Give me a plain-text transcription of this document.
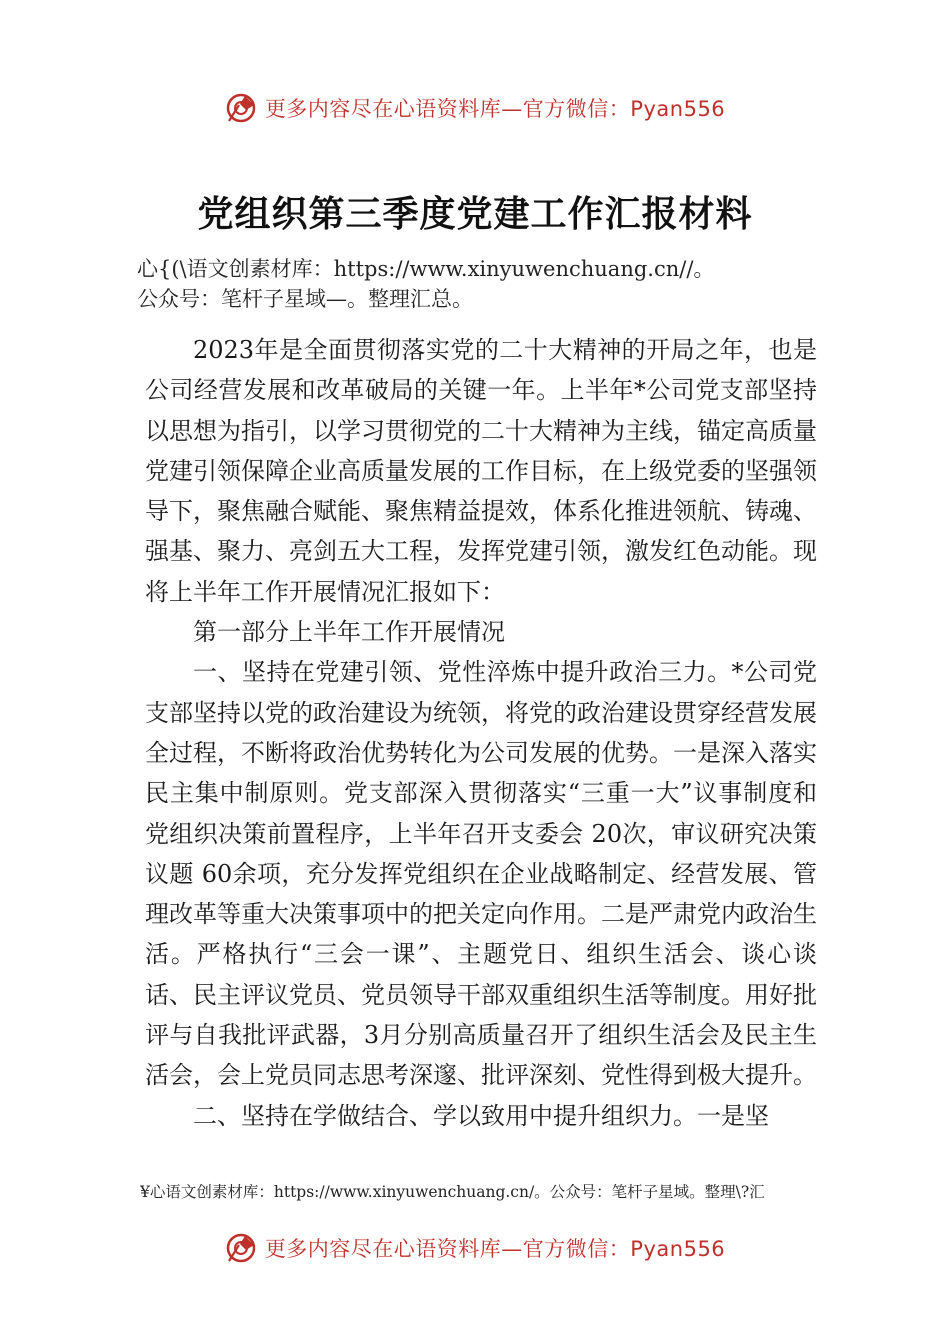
更多内容尽在心语资料库—官方微信：Pyan556
党组织第三季度党建工作汇报材料
心{(\语文创素材库：https://www.xinyuwenchuang.cn//。
公众号：笔杆子星域—。整理汇总。

2023年是全面贯彻落实党的二十大精神的开局之年，也是公司经营发展和改革破局的关键一年。上半年*公司党支部坚持以思想为指引，以学习贯彻党的二十大精神为主线，锚定高质量党建引领保障企业高质量发展的工作目标，在上级党委的坚强领导下，聚焦融合赋能、聚焦精益提效，体系化推进领航、铸魂、强基、聚力、亮剑五大工程，发挥党建引领，激发红色动能。现将上半年工作开展情况汇报如下：

第一部分上半年工作开展情况

一、坚持在党建引领、党性淬炼中提升政治三力。*公司党支部坚持以党的政治建设为统领，将党的政治建设贯穿经营发展全过程，不断将政治优势转化为公司发展的优势。一是深入落实民主集中制原则。党支部深入贯彻落实“三重一大”议事制度和党组织决策前置程序，上半年召开支委会 20次，审议研究决策议题 60余项，充分发挥党组织在企业战略制定、经营发展、管理改革等重大决策事项中的把关定向作用。二是严肃党内政治生活。严格执行“三会一课”、主题党日、组织生活会、谈心谈话、民主评议党员、党员领导干部双重组织生活等制度。用好批评与自我批评武器，3月分别高质量召开了组织生活会及民主生活会，会上党员同志思考深邃、批评深刻、党性得到极大提升。

二、坚持在学做结合、学以致用中提升组织力。一是坚

¥心语文创素材库：https://www.xinyuwenchuang.cn/。公众号：笔杆子星域。整理\?汇
更多内容尽在心语资料库—官方微信：Pyan556
